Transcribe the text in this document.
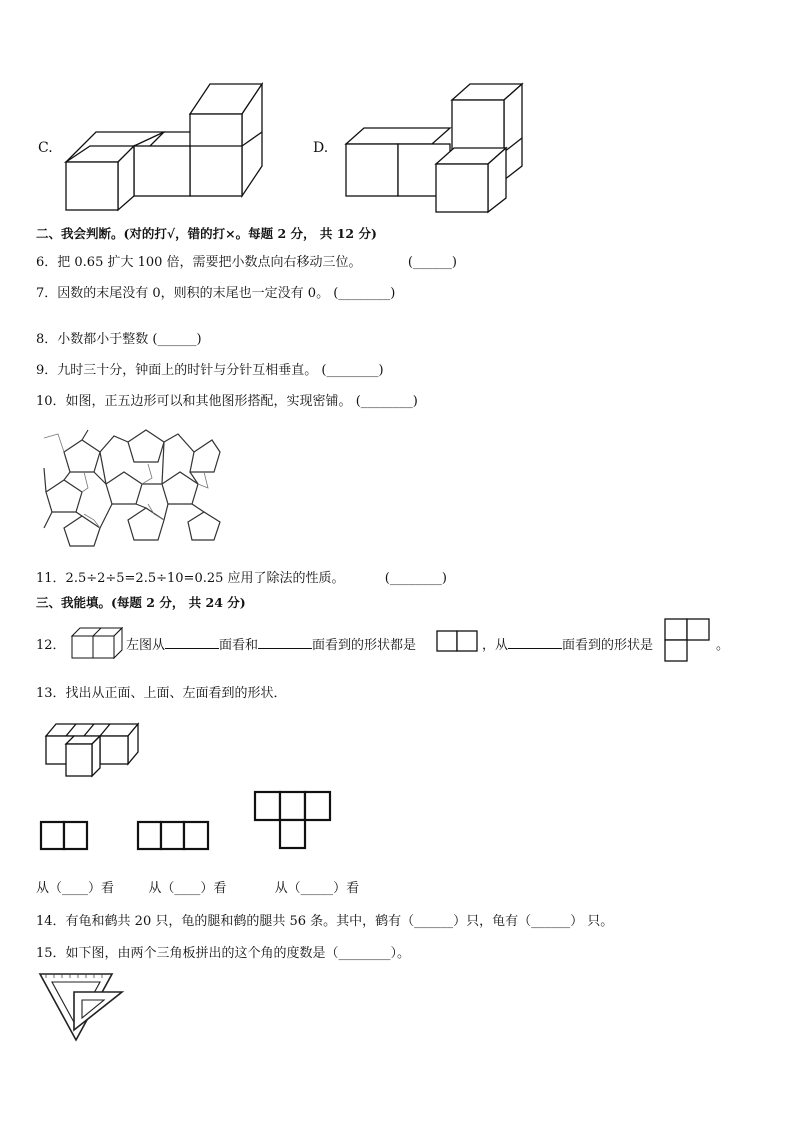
C.	D.
二、我会判断。(对的打√，错的打×。每题 2 分， 共 12 分)
6．把 0.65 扩大 100 倍，需要把小数点向右移动三位。	(______)
7．因数的末尾没有 0，则积的末尾也一定没有 0。 (________)
8．小数都小于整数 (______)
9．九时三十分，钟面上的时针与分针互相垂直。 (________)
10．如图，正五边形可以和其他图形搭配，实现密铺。 (________)
11．2.5÷2÷5=2.5÷10=0.25 应用了除法的性质。	(________)
三、我能填。(每题 2 分， 共 24 分)
12．	左图从	面看和	面看到的形状都是	，从	面看到的形状是	。
13．找出从正面、上面、左面看到的形状．
从（____）看	从（____）看	从（_____）看
14．有龟和鹤共 20 只，龟的腿和鹤的腿共 56 条。其中，鹤有（______）只，龟有（______） 只。
15．如下图，由两个三角板拼出的这个角的度数是（________）。
